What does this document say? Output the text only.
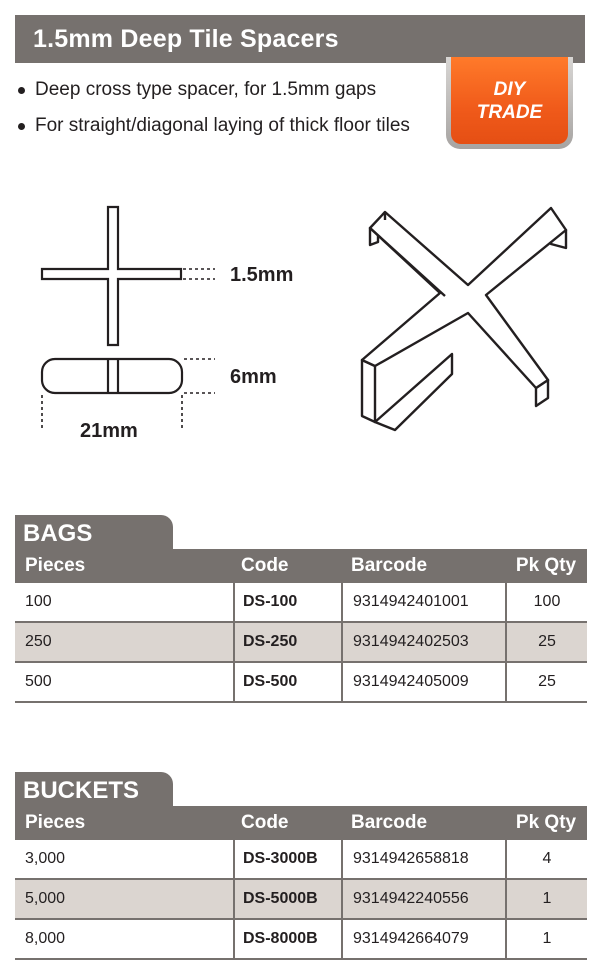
1.5mm Deep Tile Spacers
Deep cross type spacer, for 1.5mm gaps
For straight/diagonal laying of thick floor tiles
DIY
TRADE
1.5mm
6mm
21mm
BAGS
Pieces	Code	Barcode	Pk Qty
100	DS-100	9314942401001	100
250	DS-250	9314942402503	25
500	DS-500	9314942405009	25
BUCKETS
Pieces	Code	Barcode	Pk Qty
3,000	DS-3000B	9314942658818	4
5,000	DS-5000B	9314942240556	1
8,000	DS-8000B	9314942664079	1
